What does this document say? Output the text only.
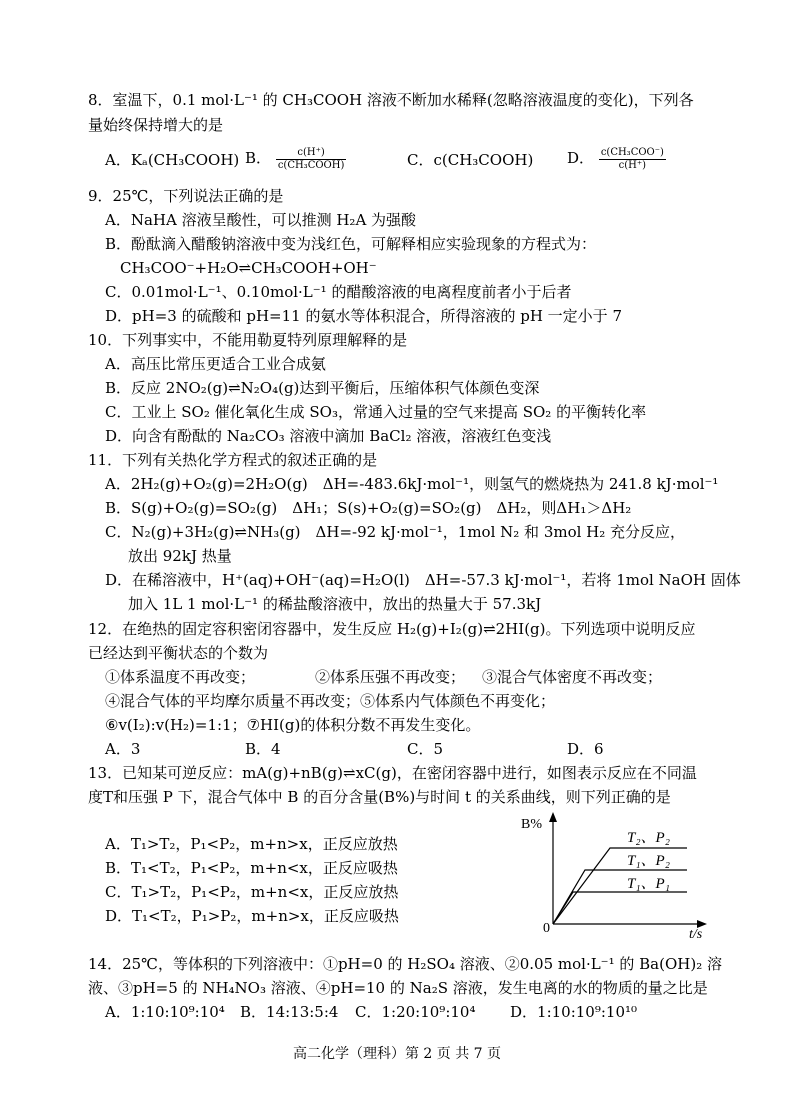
8．室温下，0.1 mol·L⁻¹ 的 CH₃COOH 溶液不断加水稀释(忽略溶液温度的变化)，下列各
量始终保持增大的是
A．Kₐ(CH₃COOH) B． $\frac{c(H^+)}{\text{c(CH₃COOH)}}$	C．c(CH₃COOH) D． $\frac{\text{c(CH₃COO⁻)}}{c(H^+)}$
9．25℃，下列说法正确的是
A．NaHA 溶液呈酸性，可以推测 H₂A 为强酸
B．酚酞滴入醋酸钠溶液中变为浅红色，可解释相应实验现象的方程式为：
CH₃COO⁻+H₂O⇌CH₃COOH+OH⁻
C．0.01mol·L⁻¹、0.10mol·L⁻¹ 的醋酸溶液的电离程度前者小于后者
D．pH=3 的硫酸和 pH=11 的氨水等体积混合，所得溶液的 pH 一定小于 7
10．下列事实中，不能用勒夏特列原理解释的是
A．高压比常压更适合工业合成氨
B．反应 2NO₂(g)⇌N₂O₄(g)达到平衡后，压缩体积气体颜色变深
C．工业上 SO₂ 催化氧化生成 SO₃，常通入过量的空气来提高 SO₂ 的平衡转化率
D．向含有酚酞的 Na₂CO₃ 溶液中滴加 BaCl₂ 溶液，溶液红色变浅
11．下列有关热化学方程式的叙述正确的是
A．2H₂(g)+O₂(g)=2H₂O(g)　ΔH=-483.6kJ·mol⁻¹，则氢气的燃烧热为 241.8 kJ·mol⁻¹
B．S(g)+O₂(g)=SO₂(g)　ΔH₁；S(s)+O₂(g)=SO₂(g)　ΔH₂，则ΔH₁＞ΔH₂
C．N₂(g)+3H₂(g)⇌NH₃(g)　ΔH=-92 kJ·mol⁻¹，1mol N₂ 和 3mol H₂ 充分反应，
放出 92kJ 热量
D．在稀溶液中，H⁺(aq)+OH⁻(aq)=H₂O(l)　ΔH=-57.3 kJ·mol⁻¹，若将 1mol NaOH 固体
加入 1L 1 mol·L⁻¹ 的稀盐酸溶液中，放出的热量大于 57.3kJ
12．在绝热的固定容积密闭容器中，发生反应 H₂(g)+I₂(g)⇌2HI(g)。下列选项中说明反应
已经达到平衡状态的个数为
①体系温度不再改变；	②体系压强不再改变； ③混合气体密度不再改变；
④混合气体的平均摩尔质量不再改变；⑤体系内气体颜色不再变化；
⑥v(I₂):v(H₂)=1:1；⑦HI(g)的体积分数不再发生变化。
A．3	B．4	C．5	D．6
13．已知某可逆反应：mA(g)+nB(g)⇌xC(g)，在密闭容器中进行，如图表示反应在不同温
度T和压强 P 下，混合气体中 B 的百分含量(B%)与时间 t 的关系曲线，则下列正确的是
A．T₁>T₂，P₁<P₂，m+n>x，正反应放热
B．T₁<T₂，P₁<P₂，m+n<x，正反应吸热
C．T₁>T₂，P₁<P₂，m+n<x，正反应放热
D．T₁<T₂，P₁>P₂，m+n>x，正反应吸热
B%
0	t/s
T₂、P₂
T₁、P₂
T₁、P₁
14．25℃，等体积的下列溶液中：①pH=0 的 H₂SO₄ 溶液、②0.05 mol·L⁻¹ 的 Ba(OH)₂ 溶
液、③pH=5 的 NH₄NO₃ 溶液、④pH=10 的 Na₂S 溶液，发生电离的水的物质的量之比是
A．1:10:10⁹:10⁴ B．14:13:5:4 C．1:20:10⁹:10⁴ D．1:10:10⁹:10¹⁰
高二化学（理科）第 2 页 共 7 页
